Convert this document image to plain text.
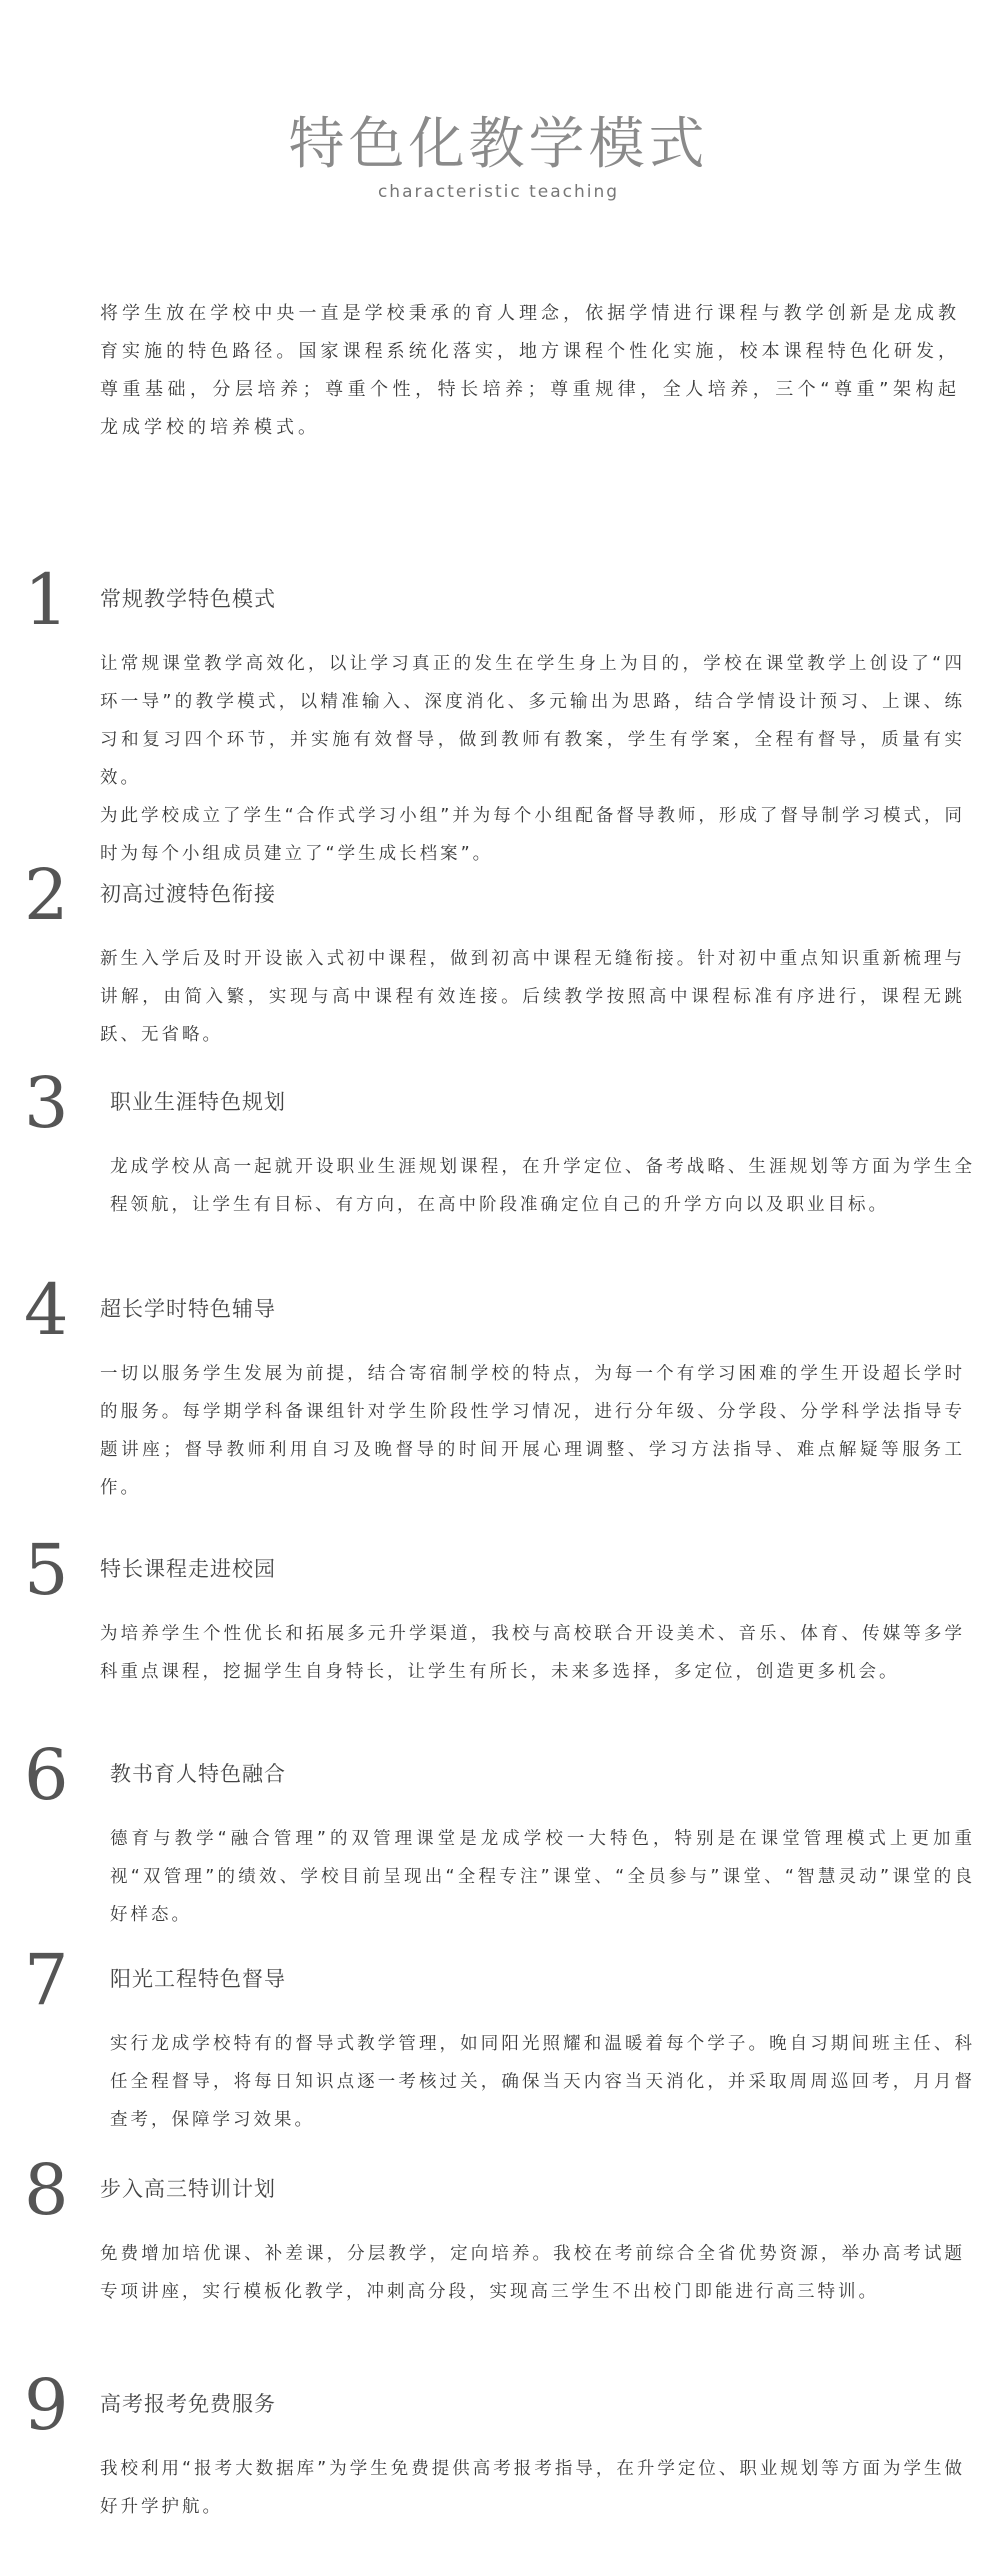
特色化教学模式
characteristic teaching
将学生放在学校中央一直是学校秉承的育人理念，依据学情进行课程与教学创新是龙成教育实施的特色路径。国家课程系统化落实，地方课程个性化实施，校本课程特色化研发，尊重基础，分层培养；尊重个性，特长培养；尊重规律，全人培养，三个“尊重”架构起龙成学校的培养模式。
1 常规教学特色模式

让常规课堂教学高效化，以让学习真正的发生在学生身上为目的，学校在课堂教学上创设了“四环一导”的教学模式，以精准输入、深度消化、多元输出为思路，结合学情设计预习、上课、练习和复习四个环节，并实施有效督导，做到教师有教案，学生有学案，全程有督导，质量有实效。

为此学校成立了学生“合作式学习小组”并为每个小组配备督导教师，形成了督导制学习模式，同时为每个小组成员建立了“学生成长档案”。

2 初高过渡特色衔接

新生入学后及时开设嵌入式初中课程，做到初高中课程无缝衔接。针对初中重点知识重新梳理与讲解，由简入繁，实现与高中课程有效连接。后续教学按照高中课程标准有序进行，课程无跳跃、无省略。

3 职业生涯特色规划

龙成学校从高一起就开设职业生涯规划课程，在升学定位、备考战略、生涯规划等方面为学生全程领航，让学生有目标、有方向，在高中阶段准确定位自己的升学方向以及职业目标。

4 超长学时特色辅导

一切以服务学生发展为前提，结合寄宿制学校的特点，为每一个有学习困难的学生开设超长学时的服务。每学期学科备课组针对学生阶段性学习情况，进行分年级、分学段、分学科学法指导专题讲座；督导教师利用自习及晚督导的时间开展心理调整、学习方法指导、难点解疑等服务工作。

5 特长课程走进校园

为培养学生个性优长和拓展多元升学渠道，我校与高校联合开设美术、音乐、体育、传媒等多学科重点课程，挖掘学生自身特长，让学生有所长，未来多选择，多定位，创造更多机会。

6 教书育人特色融合

德育与教学“融合管理”的双管理课堂是龙成学校一大特色，特别是在课堂管理模式上更加重视“双管理”的绩效、学校目前呈现出“全程专注”课堂、“全员参与”课堂、“智慧灵动”课堂的良好样态。

7 阳光工程特色督导

实行龙成学校特有的督导式教学管理，如同阳光照耀和温暖着每个学子。晚自习期间班主任、科任全程督导，将每日知识点逐一考核过关，确保当天内容当天消化，并采取周周巡回考，月月督查考，保障学习效果。

8 步入高三特训计划

免费增加培优课、补差课，分层教学，定向培养。我校在考前综合全省优势资源，举办高考试题专项讲座，实行模板化教学，冲刺高分段，实现高三学生不出校门即能进行高三特训。

9 高考报考免费服务

我校利用“报考大数据库”为学生免费提供高考报考指导，在升学定位、职业规划等方面为学生做好升学护航。
